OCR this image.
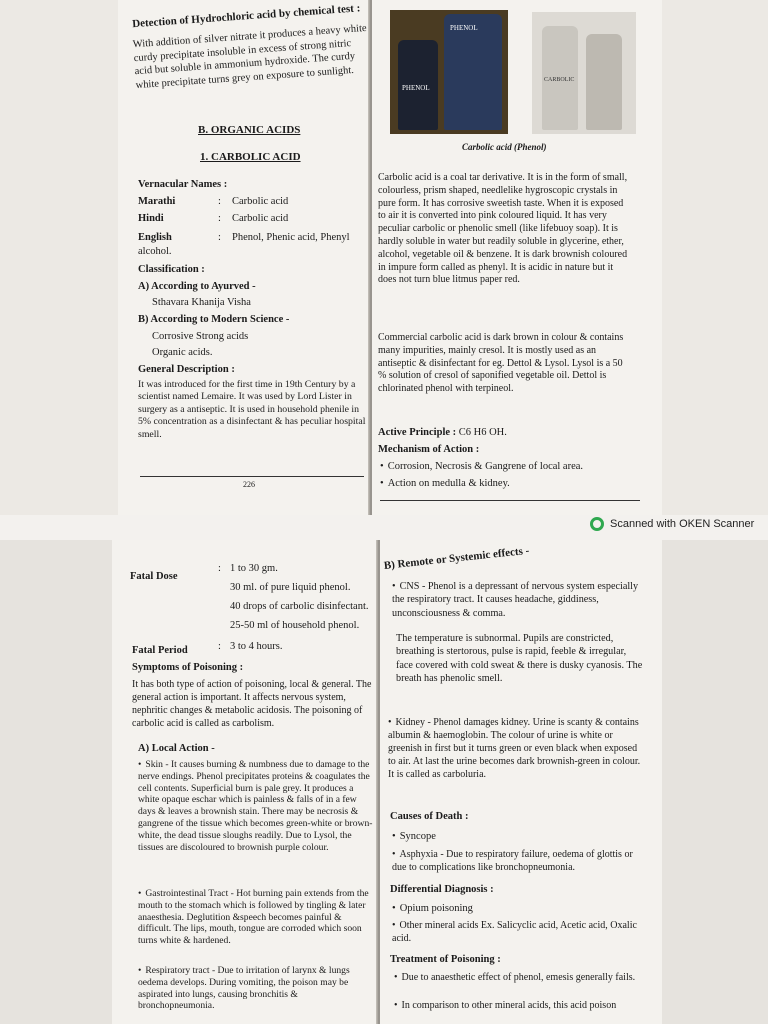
Detection of Hydrochloric acid by chemical test :
With addition of silver nitrate it produces a heavy white curdy precipitate insoluble in excess of strong nitric acid but soluble in ammonium hydroxide. The curdy white precipitate turns grey on exposure to sunlight.
B. ORGANIC ACIDS
1. CARBOLIC ACID
Vernacular Names :
Marathi	: Carbolic acid
Hindi	: Carbolic acid
English	: Phenol, Phenic acid, Phenyl alcohol.
Classification :
A) According to Ayurved -
Sthavara Khanija Visha
B) According to Modern Science -
Corrosive Strong acids
Organic acids.
General Description :
It was introduced for the first time in 19th Century by a scientist named Lemaire. It was used by Lord Lister in surgery as a antiseptic. It is used in household phenile in 5% concentration as a disinfectant & has peculiar hospital smell.
226
PHENOL
PHENOL
CARBOLIC
Carbolic acid (Phenol)
Carbolic acid is a coal tar derivative. It is in the form of small, colourless, prism shaped, needlelike hygroscopic crystals in pure form. It has corrosive sweetish taste. When it is exposed to air it is converted into pink coloured liquid. It has very peculiar carbolic or phenolic smell (like lifebuoy soap). It is hardly soluble in water but readily soluble in glycerine, ether, alcohol, vegetable oil & benzene. It is dark brownish coloured in impure form called as phenyl. It is acidic in nature but it does not turn blue litmus paper red.
Commercial carbolic acid is dark brown in colour & contains many impurities, mainly cresol. It is mostly used as an antiseptic & disinfectant for eg. Dettol & Lysol. Lysol is a 50 % solution of cresol of saponified vegetable oil. Dettol is chlorinated phenol with terpineol.
Active Principle : C6 H6 OH.
Mechanism of Action :
• Corrosion, Necrosis & Gangrene of local area.
• Action on medulla & kidney.
Scanned with OKEN Scanner
Fatal Dose
: 1 to 30 gm.
30 ml. of pure liquid phenol.
40 drops of carbolic disinfectant.
25-50 ml of household phenol.
Fatal Period	: 3 to 4 hours.
Symptoms of Poisoning :
It has both type of action of poisoning, local & general. The general action is important. It affects nervous system, nephritic changes & metabolic acidosis. The poisoning of carbolic acid is called as carbolism.
A) Local Action -
• Skin - It causes burning & numbness due to damage to the nerve endings. Phenol precipitates proteins & coagulates the cell contents. Superficial burn is pale grey. It produces a white opaque eschar which is painless & falls of in a few days & leaves a brownish stain. There may be necrosis & gangrene of the tissue which becomes green-white or brown-white, the dead tissue sloughs readily. Due to Lysol, the tissues are discoloured to brownish purple colour.
• Gastrointestinal Tract - Hot burning pain extends from the mouth to the stomach which is followed by tingling & later anaesthesia. Deglutition &speech becomes painful & difficult. The lips, mouth, tongue are corroded which soon turns white & hardened.
• Respiratory tract - Due to irritation of larynx & lungs oedema develops. During vomiting, the poison may be aspirated into lungs, causing bronchitis & bronchopneumonia.
B) Remote or Systemic effects -
• CNS - Phenol is a depressant of nervous system especially the respiratory tract. It causes headache, giddiness, unconsciousness & comma.
The temperature is subnormal. Pupils are constricted, breathing is stertorous, pulse is rapid, feeble & irregular, face covered with cold sweat & there is dusky cyanosis. The breath has phenolic smell.
• Kidney - Phenol damages kidney. Urine is scanty & contains albumin & haemoglobin. The colour of urine is white or greenish in first but it turns green or even black when exposed to air. At last the urine becomes dark brownish-green in colour. It is called as carboluria.
Causes of Death :
• Syncope
• Asphyxia - Due to respiratory failure, oedema of glottis or due to complications like bronchopneumonia.
Differential Diagnosis :
• Opium poisoning
• Other mineral acids Ex. Salicyclic acid, Acetic acid, Oxalic acid.
Treatment of Poisoning :
• Due to anaesthetic effect of phenol, emesis generally fails.
• In comparison to other mineral acids, this acid poison
